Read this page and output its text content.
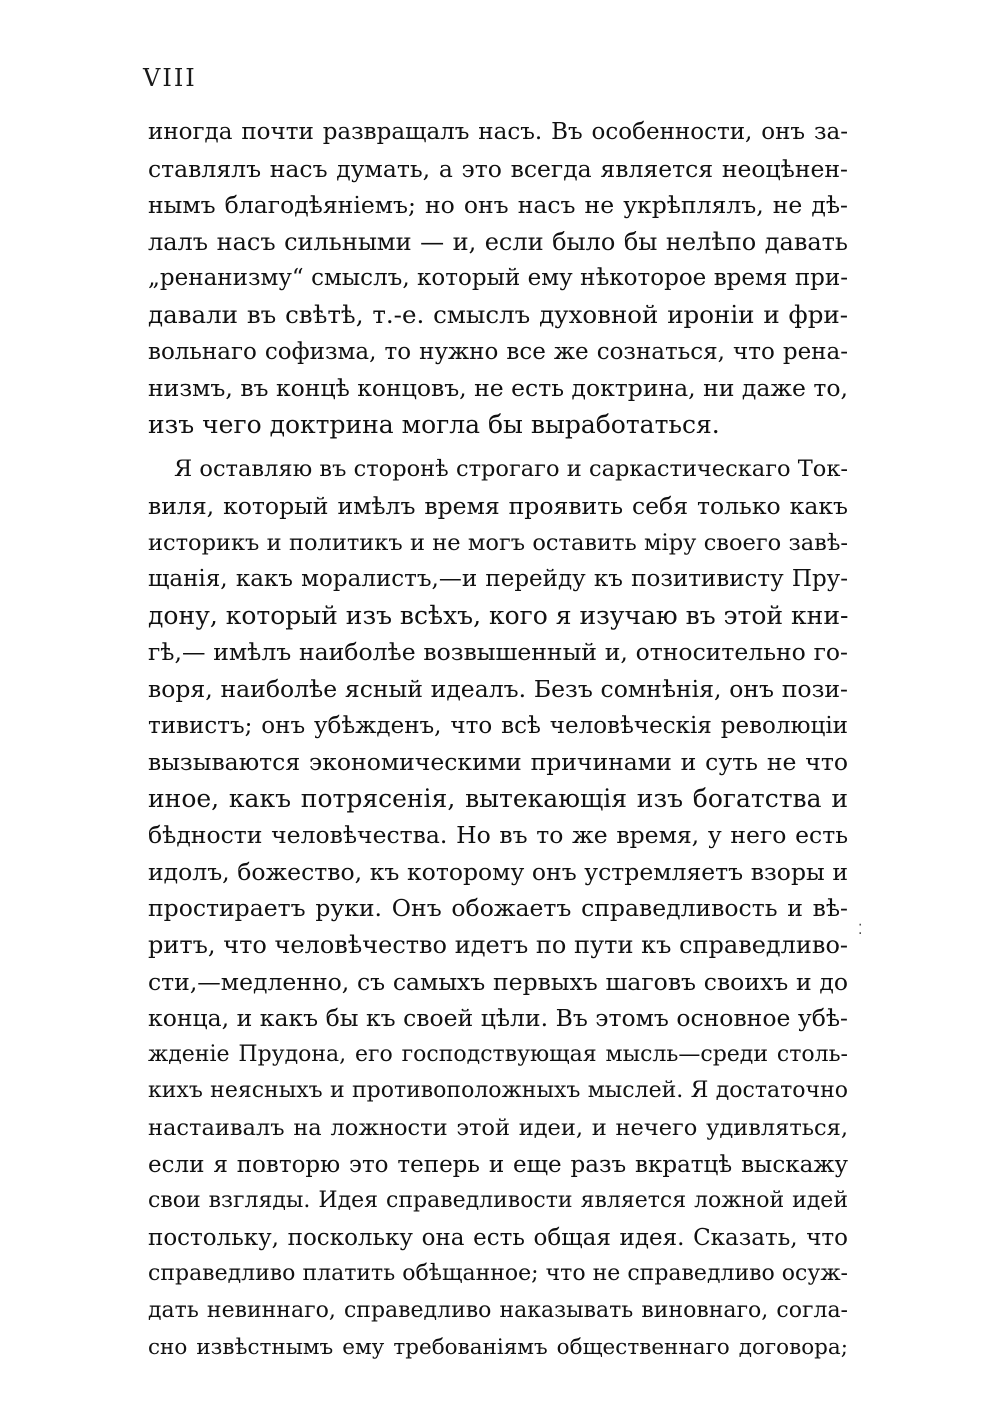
VIII
иногда почти развращалъ насъ. Въ особенности, онъ за-
ставлялъ насъ думать, а это всегда является неоцѣнен-
нымъ благодѣяніемъ; но онъ насъ не укрѣплялъ, не дѣ-
лалъ насъ сильными — и, если было бы нелѣпо давать
„ренанизму“ смыслъ, который ему нѣкоторое время при-
давали въ свѣтѣ, т.-е. смыслъ духовной ироніи и фри-
вольнаго софизма, то нужно все же сознаться, что рена-
низмъ, въ концѣ концовъ, не есть доктрина, ни даже то,
изъ чего доктрина могла бы выработаться.
Я оставляю въ сторонѣ строгаго и саркастическаго Ток-
виля, который имѣлъ время проявить себя только какъ
историкъ и политикъ и не могъ оставить міру своего завѣ-
щанія, какъ моралистъ,—и перейду къ позитивисту Пру-
дону, который изъ всѣхъ, кого я изучаю въ этой кни-
гѣ,— имѣлъ наиболѣе возвышенный и, относительно го-
воря, наиболѣе ясный идеалъ. Безъ сомнѣнія, онъ пози-
тивистъ; онъ убѣжденъ, что всѣ человѣческія революціи
вызываются экономическими причинами и суть не что
иное, какъ потрясенія, вытекающія изъ богатства и
бѣдности человѣчества. Но въ то же время, у него есть
идолъ, божество, къ которому онъ устремляетъ взоры и
простираетъ руки. Онъ обожаетъ справедливость и вѣ-
ритъ, что человѣчество идетъ по пути къ справедливо-
сти,—медленно, съ самыхъ первыхъ шаговъ своихъ и до
конца, и какъ бы къ своей цѣли. Въ этомъ основное убѣ-
жденіе Прудона, его господствующая мысль—среди столь-
кихъ неясныхъ и противоположныхъ мыслей. Я достаточно
настаивалъ на ложности этой идеи, и нечего удивляться,
если я повторю это теперь и еще разъ вкратцѣ выскажу
свои взгляды. Идея справедливости является ложной идей
постольку, поскольку она есть общая идея. Сказать, что
справедливо платить обѣщанное; что не справедливо осуж-
дать невиннаго, справедливо наказывать виновнаго, согла-
сно извѣстнымъ ему требованіямъ общественнаго договора;
⁚
